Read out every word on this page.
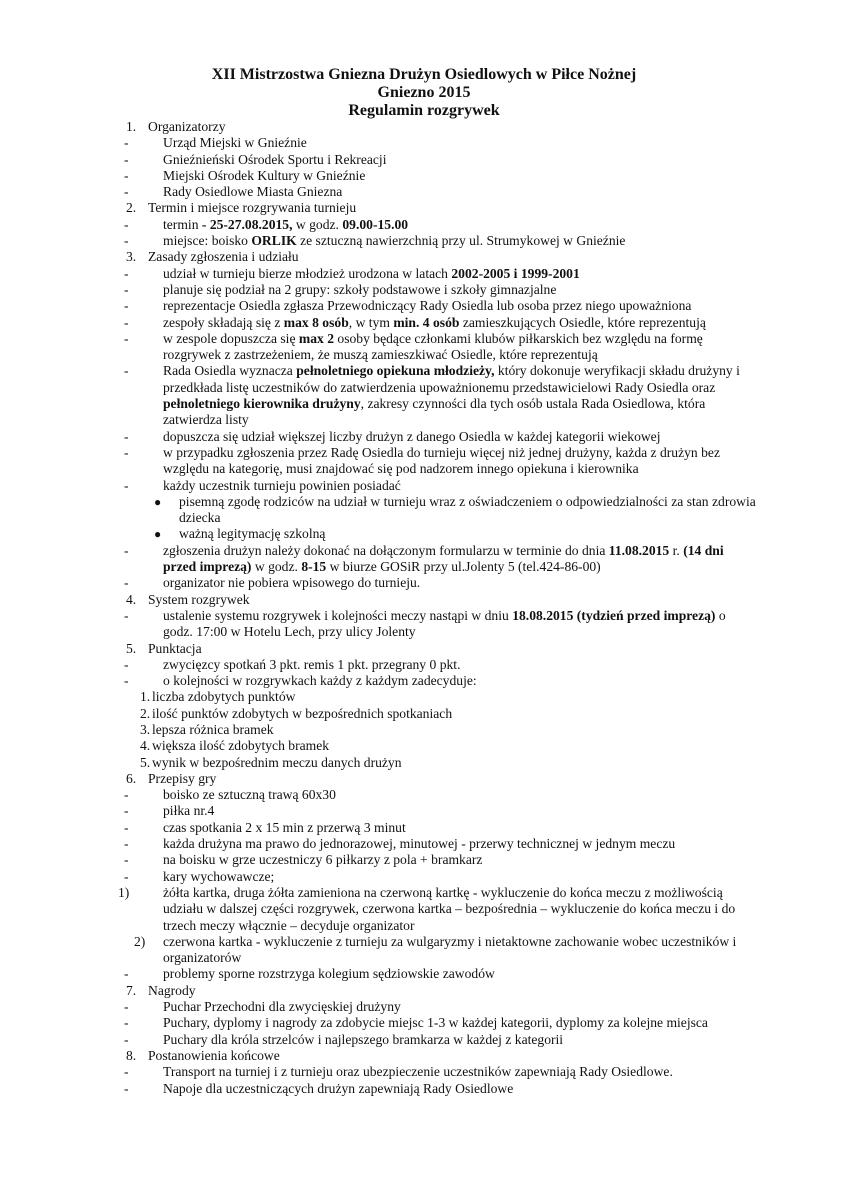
XII Mistrzostwa Gniezna Drużyn Osiedlowych w Piłce Nożnej
Gniezno 2015
Regulamin rozgrywek
1. Organizatorzy
-	Urząd Miejski w Gnieźnie
-	Gnieźnieński Ośrodek Sportu i Rekreacji
-	Miejski Ośrodek Kultury w Gnieźnie
-	Rady Osiedlowe Miasta Gniezna
2. Termin i miejsce rozgrywania turnieju
-	termin - 25-27.08.2015, w godz. 09.00-15.00
-	miejsce: boisko ORLIK ze sztuczną nawierzchnią przy ul. Strumykowej w Gnieźnie
3. Zasady zgłoszenia i udziału
-	udział w turnieju bierze młodzież urodzona w latach 2002-2005 i 1999-2001
-	planuje się podział na 2 grupy: szkoły podstawowe i szkoły gimnazjalne
-	reprezentacje Osiedla zgłasza Przewodniczący Rady Osiedla lub osoba przez niego upoważniona
-	zespoły składają się z max 8 osób, w tym min. 4 osób zamieszkujących Osiedle, które reprezentują
-	w zespole dopuszcza się max 2 osoby będące członkami klubów piłkarskich bez względu na formę rozgrywek z zastrzeżeniem, że muszą zamieszkiwać Osiedle, które reprezentują
-	Rada Osiedla wyznacza pełnoletniego opiekuna młodzieży, który dokonuje weryfikacji składu drużyny i przedkłada listę uczestników do zatwierdzenia upoważnionemu przedstawicielowi Rady Osiedla oraz pełnoletniego kierownika drużyny, zakresy czynności dla tych osób ustala Rada Osiedlowa, która zatwierdza listy
-	dopuszcza się udział większej liczby drużyn z danego Osiedla w każdej kategorii wiekowej
-	w przypadku zgłoszenia przez Radę Osiedla do turnieju więcej niż jednej drużyny, każda z drużyn bez względu na kategorię, musi znajdować się pod nadzorem innego opiekuna i kierownika
-	każdy uczestnik turnieju powinien posiadać
● pisemną zgodę rodziców na udział w turnieju wraz z oświadczeniem o odpowiedzialności za stan zdrowia dziecka
● ważną legitymację szkolną
-	zgłoszenia drużyn należy dokonać na dołączonym formularzu w terminie do dnia 11.08.2015 r. (14 dni przed imprezą) w godz. 8-15 w biurze GOSiR przy ul.Jolenty 5 (tel.424-86-00)
-	organizator nie pobiera wpisowego do turnieju.
4. System rozgrywek
-	ustalenie systemu rozgrywek i kolejności meczy nastąpi w dniu 18.08.2015 (tydzień przed imprezą) o godz. 17:00 w Hotelu Lech, przy ulicy Jolenty
5. Punktacja
-	zwycięzcy spotkań 3 pkt. remis 1 pkt. przegrany 0 pkt.
-	o kolejności w rozgrywkach każdy z każdym zadecyduje:
1. liczba zdobytych punktów
2. ilość punktów zdobytych w bezpośrednich spotkaniach
3. lepsza różnica bramek
4. większa ilość zdobytych bramek
5. wynik w bezpośrednim meczu danych drużyn
6. Przepisy gry
-	boisko ze sztuczną trawą 60x30
-	piłka nr.4
-	czas spotkania 2 x 15 min z przerwą 3 minut
-	każda drużyna ma prawo do jednorazowej, minutowej - przerwy technicznej w jednym meczu
-	na boisku w grze uczestniczy 6 piłkarzy z pola + bramkarz
-	kary wychowawcze;
1) żółta kartka, druga żółta zamieniona na czerwoną kartkę - wykluczenie do końca meczu z możliwością udziału w dalszej części rozgrywek, czerwona kartka – bezpośrednia – wykluczenie do końca meczu i do trzech meczy włącznie – decyduje organizator
2) czerwona kartka - wykluczenie z turnieju za wulgaryzmy i nietaktowne zachowanie wobec uczestników i organizatorów
-	problemy sporne rozstrzyga kolegium sędziowskie zawodów
7. Nagrody
-	Puchar Przechodni dla zwycięskiej drużyny
-	Puchary, dyplomy i nagrody za zdobycie miejsc 1-3 w każdej kategorii, dyplomy za kolejne miejsca
-	Puchary dla króla strzelców i najlepszego bramkarza w każdej z kategorii
8. Postanowienia końcowe
-	Transport na turniej i z turnieju oraz ubezpieczenie uczestników zapewniają Rady Osiedlowe.
-	Napoje dla uczestniczących drużyn zapewniają Rady Osiedlowe
